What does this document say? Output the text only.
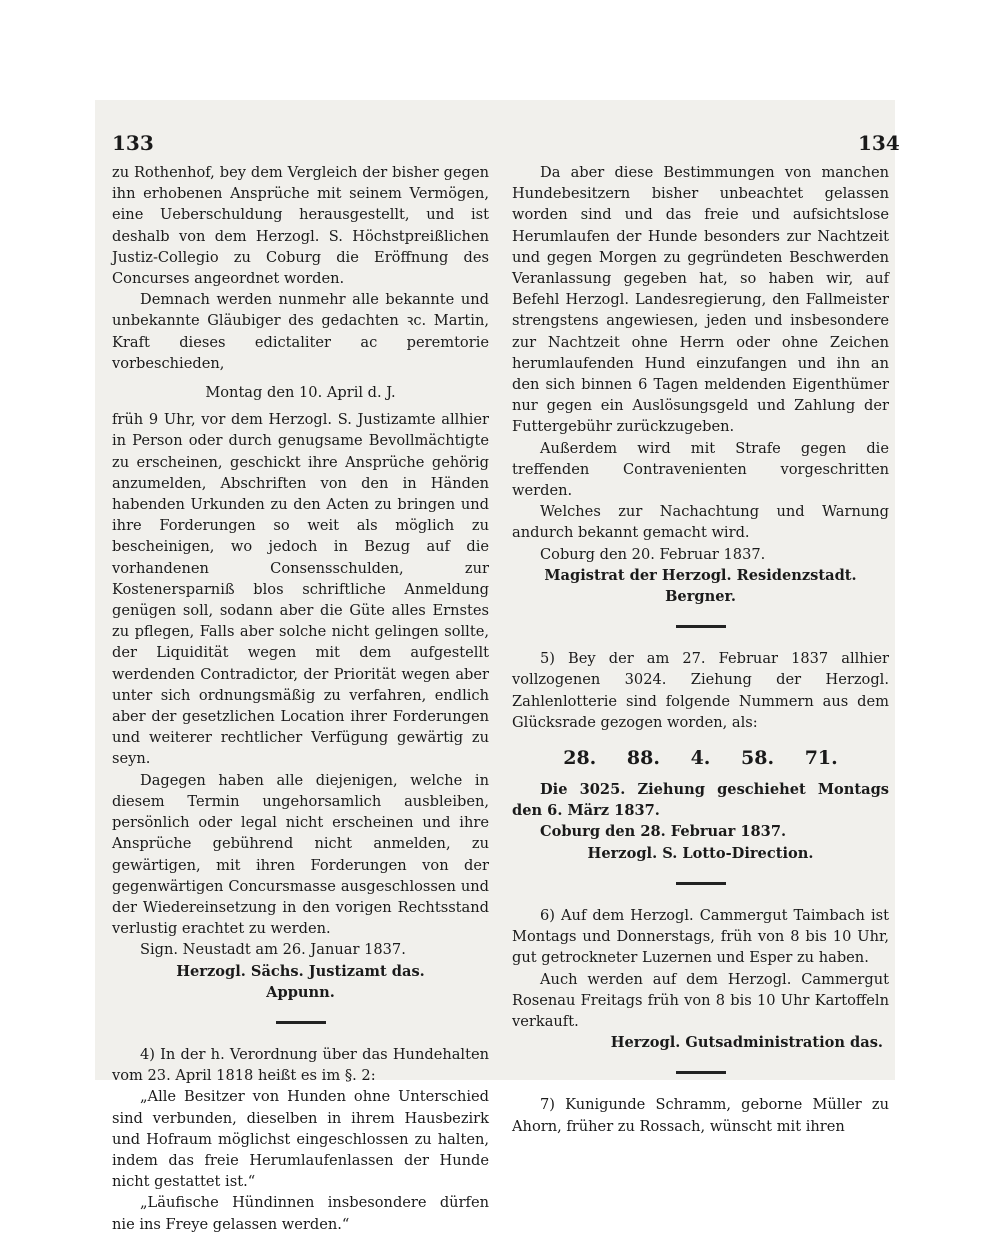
133	134

zu Rothenhof, bey dem Vergleich der bisher gegen ihn erhobenen Ansprüche mit seinem Vermögen, eine Ueberschuldung herausgestellt, und ist deshalb von dem Herzogl. S. Höchstpreißlichen Justiz-Collegio zu Coburg die Eröffnung des Concurses angeordnet worden.

Demnach werden nunmehr alle bekannte und unbekannte Gläubiger des gedachten ꝛc. Martin, Kraft dieses edictaliter ac peremtorie vorbeschieden,

Montag den 10. April d. J.

früh 9 Uhr, vor dem Herzogl. S. Justizamte allhier in Person oder durch genugsame Bevollmächtigte zu erscheinen, geschickt ihre Ansprüche gehörig anzumelden, Abschriften von den in Händen habenden Urkunden zu den Acten zu bringen und ihre Forderungen so weit als möglich zu bescheinigen, wo jedoch in Bezug auf die vorhandenen Consensschulden, zur Kostenersparniß blos schriftliche Anmeldung genügen soll, sodann aber die Güte alles Ernstes zu pflegen, Falls aber solche nicht gelingen sollte, der Liquidität wegen mit dem aufgestellt werdenden Contradictor, der Priorität wegen aber unter sich ordnungsmäßig zu verfahren, endlich aber der gesetzlichen Location ihrer Forderungen und weiterer rechtlicher Verfügung gewärtig zu seyn.

Dagegen haben alle diejenigen, welche in diesem Termin ungehorsamlich ausbleiben, persönlich oder legal nicht erscheinen und ihre Ansprüche gebührend nicht anmelden, zu gewärtigen, mit ihren Forderungen von der gegenwärtigen Concursmasse ausgeschlossen und der Wiedereinsetzung in den vorigen Rechtsstand verlustig erachtet zu werden.

Sign. Neustadt am 26. Januar 1837.

Herzogl. Sächs. Justizamt das.

Appunn.

4) In der h. Verordnung über das Hundehalten vom 23. April 1818 heißt es im §. 2:

„Alle Besitzer von Hunden ohne Unterschied sind verbunden, dieselben in ihrem Hausbezirk und Hofraum möglichst eingeschlossen zu halten, indem das freie Herumlaufenlassen der Hunde nicht gestattet ist.“

„Läufische Hündinnen insbesondere dürfen nie ins Freye gelassen werden.“

Da aber diese Bestimmungen von manchen Hundebesitzern bisher unbeachtet gelassen worden sind und das freie und aufsichtslose Herumlaufen der Hunde besonders zur Nachtzeit und gegen Morgen zu gegründeten Beschwerden Veranlassung gegeben hat, so haben wir, auf Befehl Herzogl. Landesregierung, den Fallmeister strengstens angewiesen, jeden und insbesondere zur Nachtzeit ohne Herrn oder ohne Zeichen herumlaufenden Hund einzufangen und ihn an den sich binnen 6 Tagen meldenden Eigenthümer nur gegen ein Auslösungsgeld und Zahlung der Futtergebühr zurückzugeben.

Außerdem wird mit Strafe gegen die treffenden Contravenienten vorgeschritten werden.

Welches zur Nachachtung und Warnung andurch bekannt gemacht wird.

Coburg den 20. Februar 1837.

Magistrat der Herzogl. Residenzstadt.

Bergner.

5) Bey der am 27. Februar 1837 allhier vollzogenen 3024. Ziehung der Herzogl. Zahlenlotterie sind folgende Nummern aus dem Glücksrade gezogen worden, als:

28. 88. 4. 58. 71.

Die 3025. Ziehung geschiehet Montags den 6. März 1837.

Coburg den 28. Februar 1837.

Herzogl. S. Lotto-Direction.

6) Auf dem Herzogl. Cammergut Taimbach ist Montags und Donnerstags, früh von 8 bis 10 Uhr, gut getrockneter Luzernen und Esper zu haben.

Auch werden auf dem Herzogl. Cammergut Rosenau Freitags früh von 8 bis 10 Uhr Kartoffeln verkauft.

Herzogl. Gutsadministration das.

7) Kunigunde Schramm, geborne Müller zu Ahorn, früher zu Rossach, wünscht mit ihren
